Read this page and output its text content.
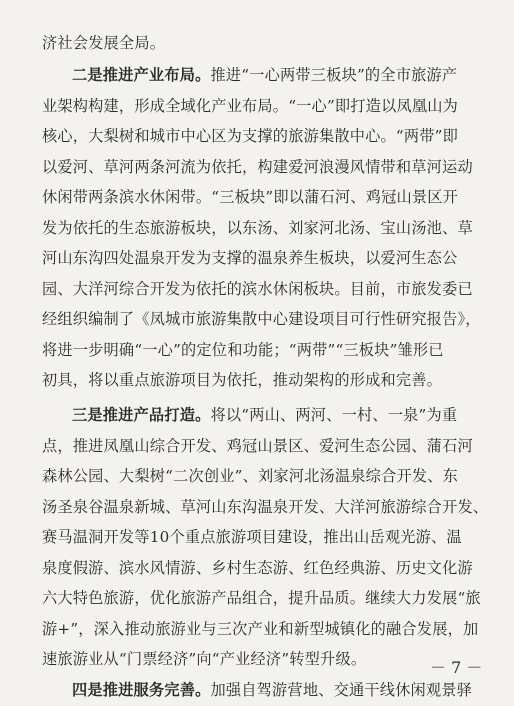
济社会发展全局。
二是推进产业布局。推进“一心两带三板块”的全市旅游产
业架构构建，形成全域化产业布局。“一心”即打造以凤凰山为
核心，大梨树和城市中心区为支撑的旅游集散中心。“两带”即
以爱河、草河两条河流为依托，构建爱河浪漫风情带和草河运动
休闲带两条滨水休闲带。“三板块”即以蒲石河、鸡冠山景区开
发为依托的生态旅游板块，以东汤、刘家河北汤、宝山汤池、草
河山东沟四处温泉开发为支撑的温泉养生板块，以爱河生态公
园、大洋河综合开发为依托的滨水休闲板块。目前，市旅发委已
经组织编制了《凤城市旅游集散中心建设项目可行性研究报告》，
将进一步明确“一心”的定位和功能；“两带”“三板块”雏形已
初具，将以重点旅游项目为依托，推动架构的形成和完善。
三是推进产品打造。将以“两山、两河、一村、一泉”为重
点，推进凤凰山综合开发、鸡冠山景区、爱河生态公园、蒲石河
森林公园、大梨树“二次创业”、刘家河北汤温泉综合开发、东
汤圣泉谷温泉新城、草河山东沟温泉开发、大洋河旅游综合开发、
赛马温洞开发等10个重点旅游项目建设，推出山岳观光游、温
泉度假游、滨水风情游、乡村生态游、红色经典游、历史文化游
六大特色旅游，优化旅游产品组合，提升品质。继续大力发展“旅
游+”，深入推动旅游业与三次产业和新型城镇化的融合发展，加
速旅游业从“门票经济”向“产业经济”转型升级。
四是推进服务完善。加强自驾游营地、交通干线休闲观景驿
－ 7 －
